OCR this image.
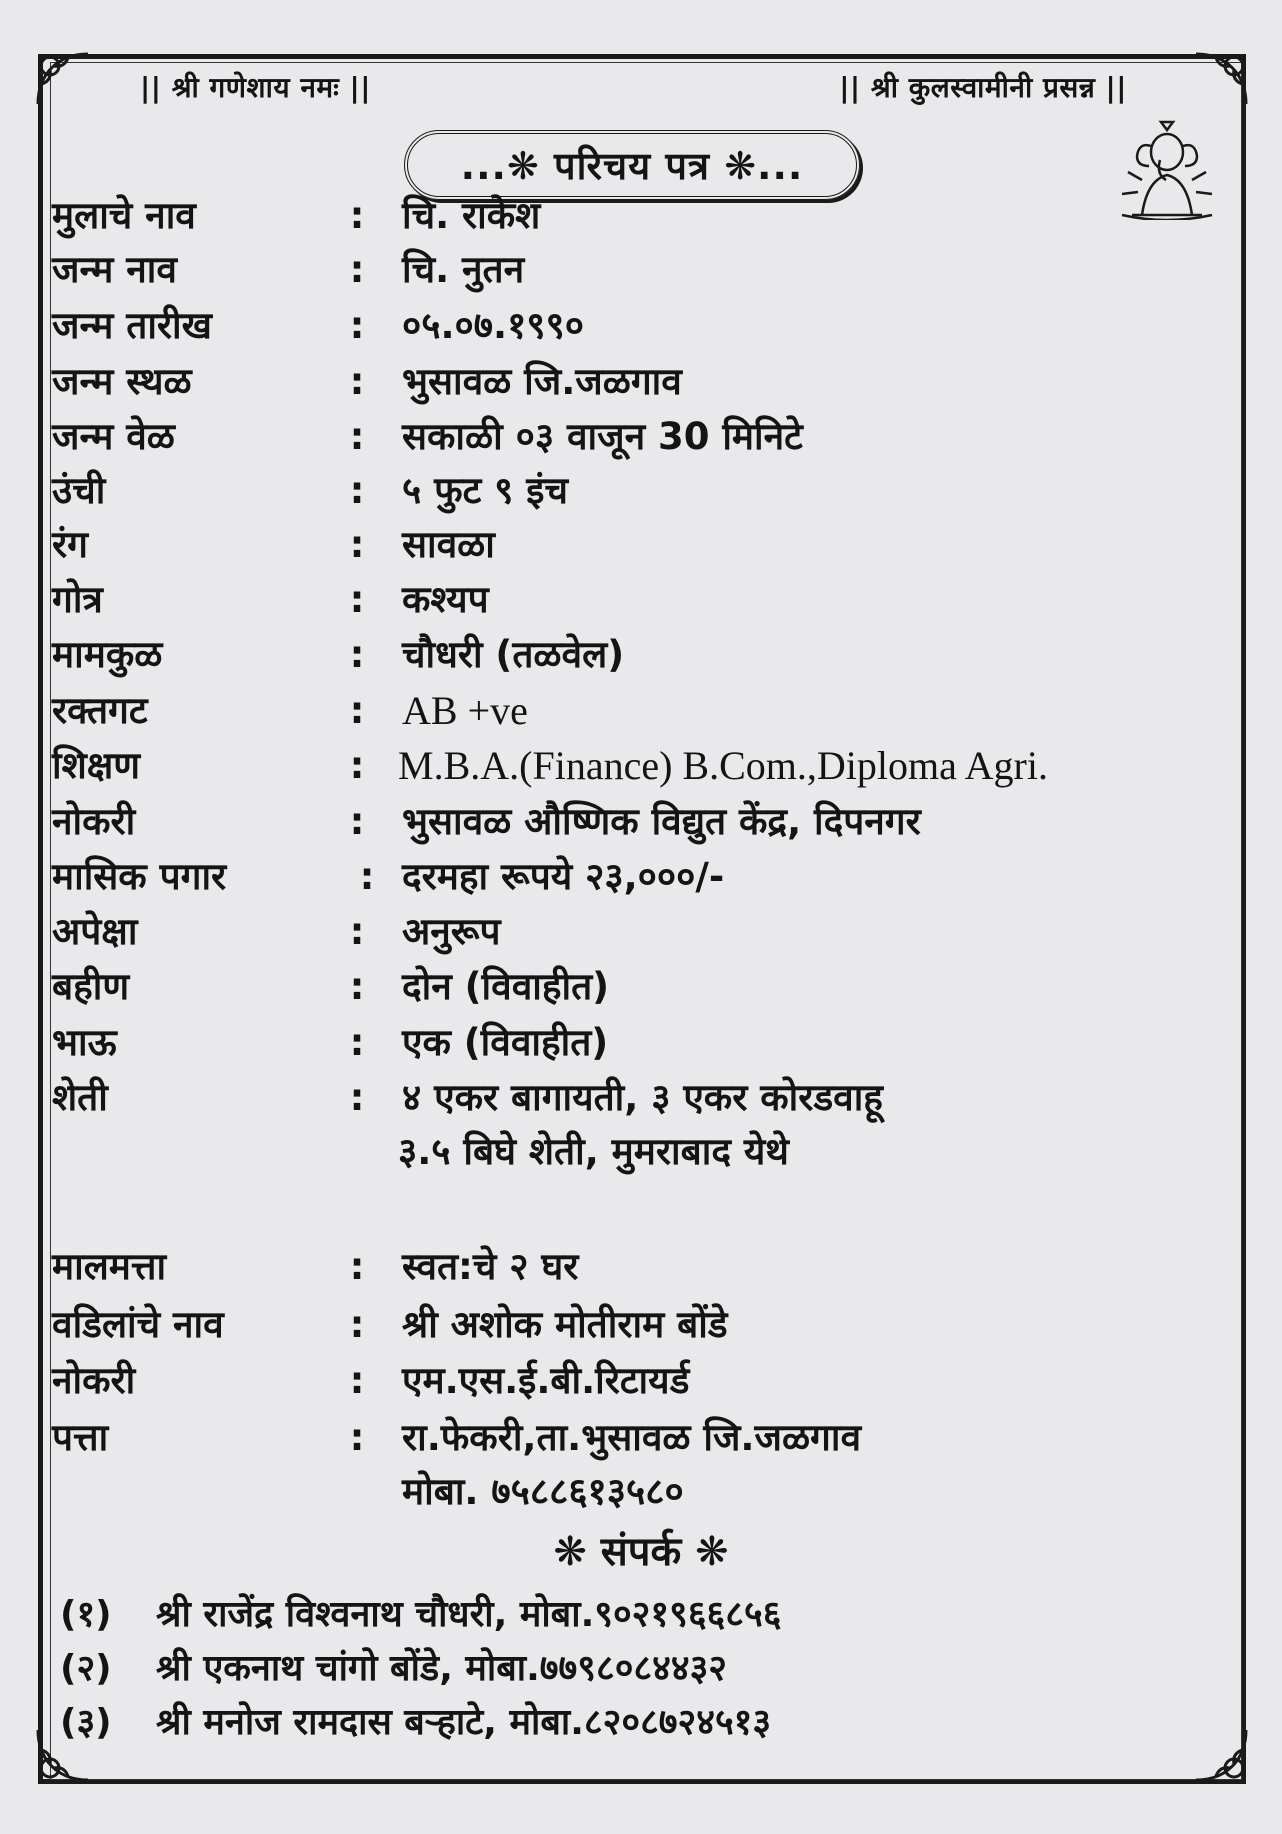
|| श्री गणेशाय नमः ||	|| श्री कुलस्वामीनी प्रसन्न ||
...❋ परिचय पत्र ❋...
मुलाचे नाव	: चि. राकेश
जन्म नाव	: चि. नुतन
जन्म तारीख	: ०५.०७.१९९०
जन्म स्थळ	: भुसावळ जि.जळगाव
जन्म वेळ	: सकाळी ०३ वाजून 30 मिनिटे
उंची	: ५ फुट ९ इंच
रंग	: सावळा
गोत्र	: कश्यप
मामकुळ	: चौधरी (तळवेल)
रक्तगट	: AB +ve
शिक्षण	: M.B.A.(Finance) B.Com.,Diploma Agri.
नोकरी	: भुसावळ औष्णिक विद्युत केंद्र, दिपनगर
मासिक पगार	: दरमहा रूपये २३,०००/-
अपेक्षा	: अनुरूप
बहीण	: दोन (विवाहीत)
भाऊ	: एक (विवाहीत)
शेती	: ४ एकर बागायती, ३ एकर कोरडवाहू
३.५ बिघे शेती, मुमराबाद येथे
मालमत्ता	: स्वत:चे २ घर
वडिलांचे नाव	: श्री अशोक मोतीराम बोंडे
नोकरी	: एम.एस.ई.बी.रिटायर्ड
पत्ता	: रा.फेकरी,ता.भुसावळ जि.जळगाव
मोबा. ७५८८६१३५८०
❋ संपर्क ❋
(१) श्री राजेंद्र विश्वनाथ चौधरी, मोबा.९०२१९६६८५६
(२) श्री एकनाथ चांगो बोंडे, मोबा.७७९८०८४४३२
(३) श्री मनोज रामदास बऱ्हाटे, मोबा.८२०८७२४५१३
